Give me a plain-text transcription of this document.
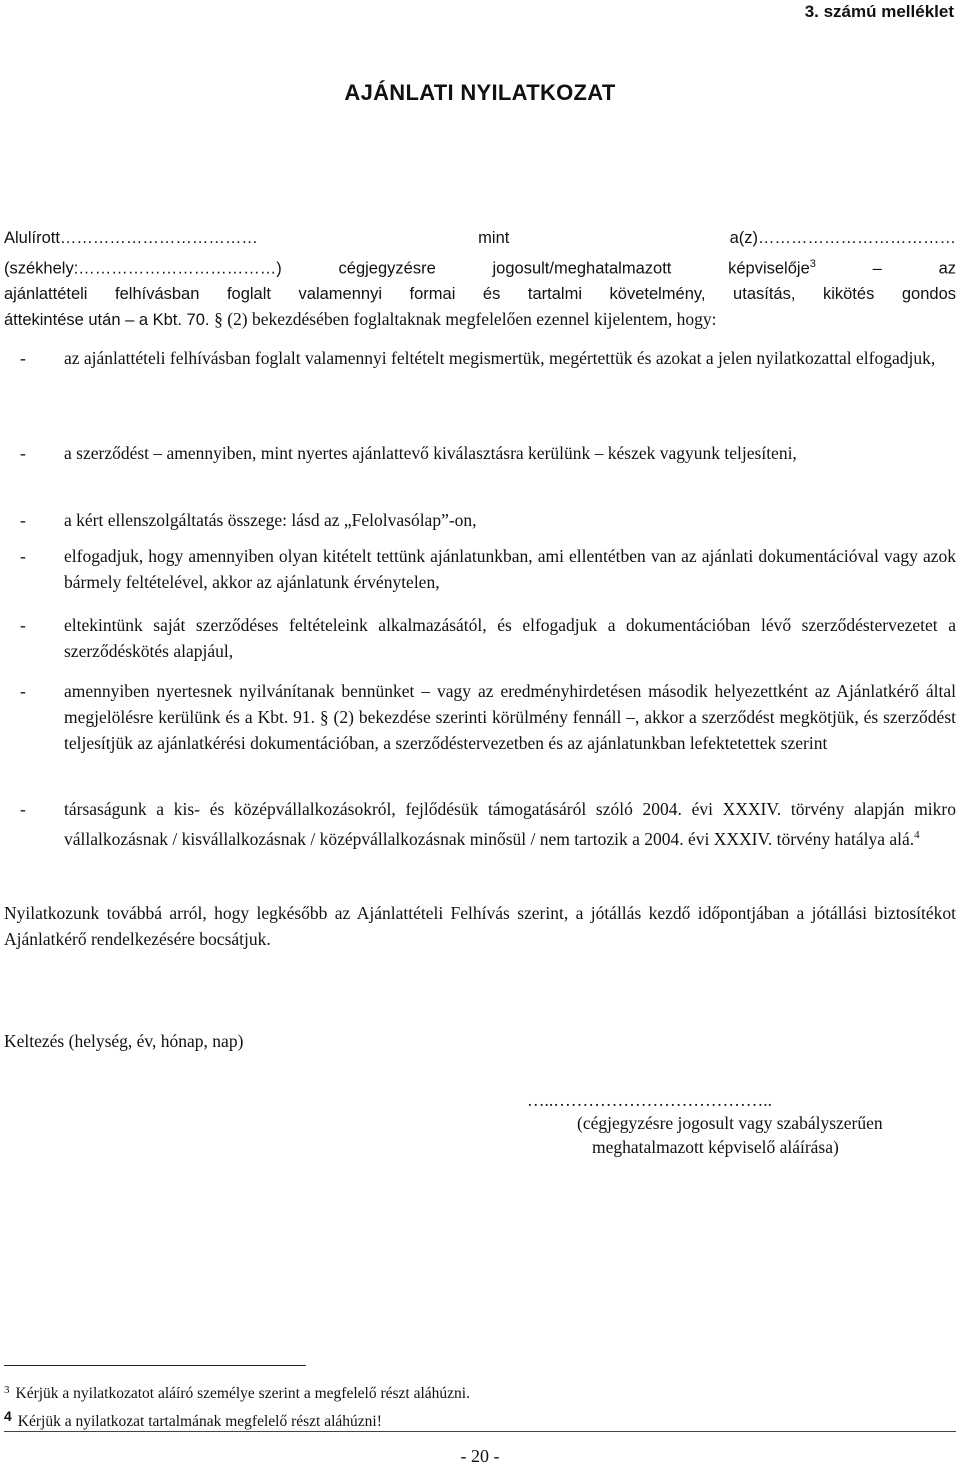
3. számú melléklet
AJÁNLATI NYILATKOZAT
Alulírott……………………………… mint a(z)………………………………
(székhely:………………………………) cégjegyzésre jogosult/meghatalmazott képviselője$^3$ – az
ajánlattételi felhívásban foglalt valamennyi formai és tartalmi követelmény, utasítás, kikötés gondos
áttekintése után – a Kbt. 70. § (2) bekezdésében foglaltaknak megfelelően ezennel kijelentem, hogy:
- az ajánlattételi felhívásban foglalt valamennyi feltételt megismertük, megértettük és azokat a jelen nyilatkozattal elfogadjuk,
- a szerződést – amennyiben, mint nyertes ajánlattevő kiválasztásra kerülünk – készek vagyunk teljesíteni,
- a kért ellenszolgáltatás összege: lásd az „Felolvasólap”-on,
- elfogadjuk, hogy amennyiben olyan kitételt tettünk ajánlatunkban, ami ellentétben van az ajánlati dokumentációval vagy azok bármely feltételével, akkor az ajánlatunk érvénytelen,
- eltekintünk saját szerződéses feltételeink alkalmazásától, és elfogadjuk a dokumentációban lévő szerződéstervezetet a szerződéskötés alapjául,
- amennyiben nyertesnek nyilvánítanak bennünket – vagy az eredményhirdetésen második helyezettként az Ajánlatkérő által megjelölésre kerülünk és a Kbt. 91. § (2) bekezdése szerinti körülmény fennáll –, akkor a szerződést megkötjük, és szerződést teljesítjük az ajánlatkérési dokumentációban, a szerződéstervezetben és az ajánlatunkban lefektetettek szerint
- társaságunk a kis- és középvállalkozásokról, fejlődésük támogatásáról szóló 2004. évi XXXIV. törvény alapján mikro vállalkozásnak / kisvállalkozásnak / középvállalkozásnak minősül / nem tartozik a 2004. évi XXXIV. törvény hatálya alá.$^4$
Nyilatkozunk továbbá arról, hogy legkésőbb az Ajánlattételi Felhívás szerint, a jótállás kezdő időpontjában a jótállási biztosítékot Ajánlatkérő rendelkezésére bocsátjuk.
Keltezés (helység, év, hónap, nap)
…..………………………………..
(cégjegyzésre jogosult vagy szabályszerűen
meghatalmazott képviselő aláírása)
$^3$ Kérjük a nyilatkozatot aláíró személye szerint a megfelelő részt aláhúzni.
4 Kérjük a nyilatkozat tartalmának megfelelő részt aláhúzni!
- 20 -
